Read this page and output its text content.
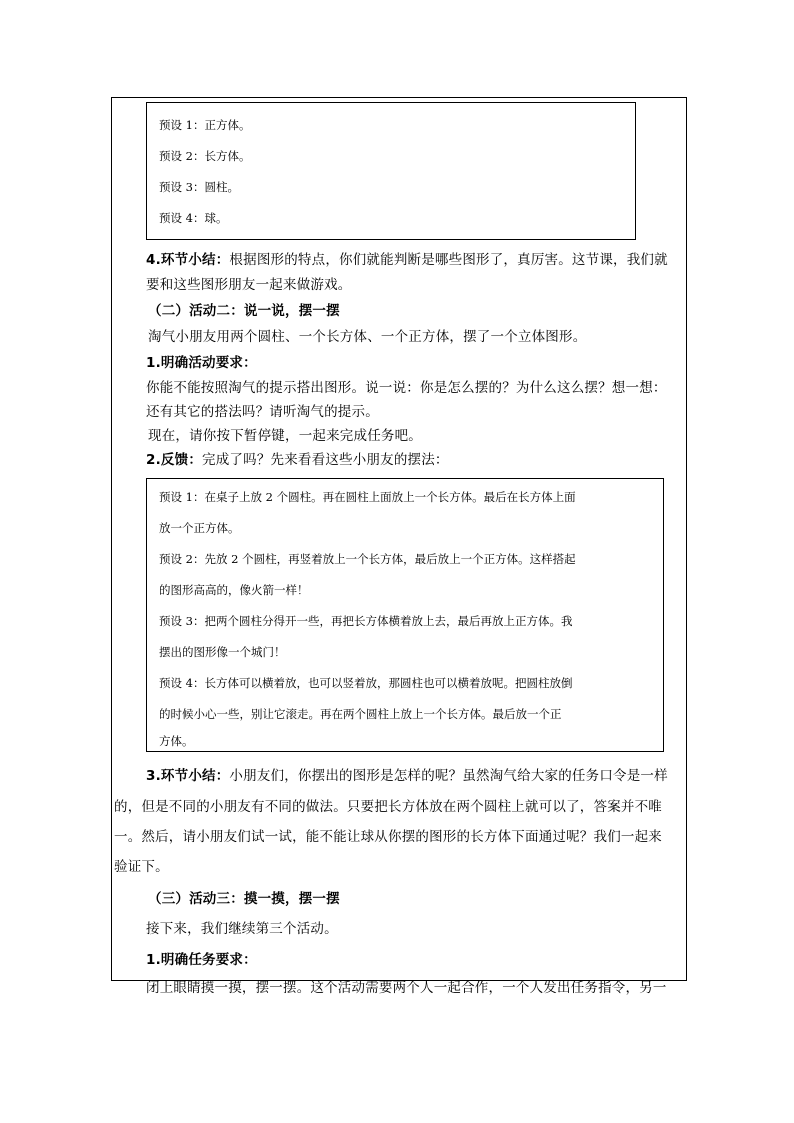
预设 1：正方体。

预设 2：长方体。

预设 3：圆柱。

预设 4：球。

4.环节小结：根据图形的特点，你们就能判断是哪些图形了，真厉害。这节课，我们就
要和这些图形朋友一起来做游戏。
（二）活动二：说一说，摆一摆
淘气小朋友用两个圆柱、一个长方体、一个正方体，摆了一个立体图形。
1.明确活动要求：
你能不能按照淘气的提示搭出图形。说一说：你是怎么摆的？为什么这么摆？想一想：
还有其它的搭法吗？请听淘气的提示。
现在，请你按下暂停键，一起来完成任务吧。
2.反馈：完成了吗？先来看看这些小朋友的摆法：

预设 1：在桌子上放 2 个圆柱。再在圆柱上面放上一个长方体。最后在长方体上面

放一个正方体。

预设 2：先放 2 个圆柱，再竖着放上一个长方体，最后放上一个正方体。这样搭起

的图形高高的，像火箭一样！

预设 3：把两个圆柱分得开一些，再把长方体横着放上去，最后再放上正方体。我

摆出的图形像一个城门！

预设 4：长方体可以横着放，也可以竖着放，那圆柱也可以横着放呢。把圆柱放倒

的时候小心一些，别让它滚走。再在两个圆柱上放上一个长方体。最后放一个正

方体。

3.环节小结：小朋友们，你摆出的图形是怎样的呢？虽然淘气给大家的任务口令是一样
的，但是不同的小朋友有不同的做法。只要把长方体放在两个圆柱上就可以了，答案并不唯
一。然后，请小朋友们试一试，能不能让球从你摆的图形的长方体下面通过呢？我们一起来
验证下。
（三）活动三：摸一摸，摆一摆
接下来，我们继续第三个活动。
1.明确任务要求：
闭上眼睛摸一摸，摆一摆。这个活动需要两个人一起合作，一个人发出任务指令，另一
